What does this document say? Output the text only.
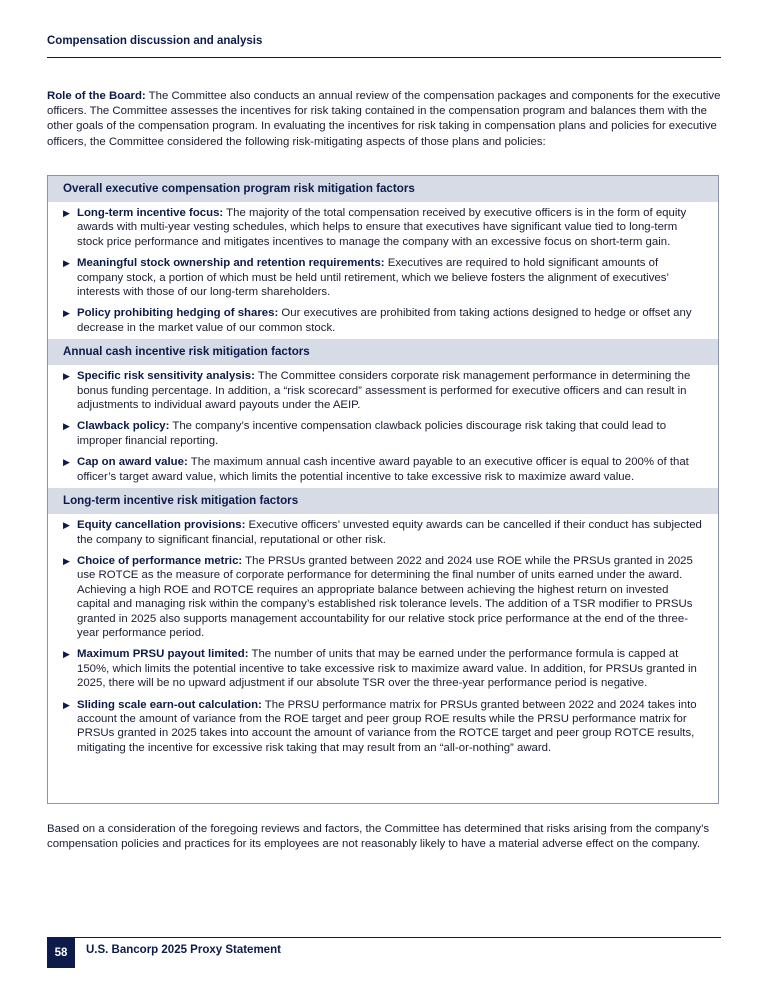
Compensation discussion and analysis

Role of the Board: The Committee also conducts an annual review of the compensation packages and components for the executive officers. The Committee assesses the incentives for risk taking contained in the compensation program and balances them with the other goals of the compensation program. In evaluating the incentives for risk taking in compensation plans and policies for executive officers, the Committee considered the following risk-mitigating aspects of those plans and policies:

Overall executive compensation program risk mitigation factors
▶ Long-term incentive focus: The majority of the total compensation received by executive officers is in the form of equity awards with multi-year vesting schedules, which helps to ensure that executives have significant value tied to long-term stock price performance and mitigates incentives to manage the company with an excessive focus on short-term gain.
▶ Meaningful stock ownership and retention requirements: Executives are required to hold significant amounts of company stock, a portion of which must be held until retirement, which we believe fosters the alignment of executives’ interests with those of our long-term shareholders.
▶ Policy prohibiting hedging of shares: Our executives are prohibited from taking actions designed to hedge or offset any decrease in the market value of our common stock.
Annual cash incentive risk mitigation factors
▶ Specific risk sensitivity analysis: The Committee considers corporate risk management performance in determining the bonus funding percentage. In addition, a “risk scorecard” assessment is performed for executive officers and can result in adjustments to individual award payouts under the AEIP.
▶ Clawback policy: The company’s incentive compensation clawback policies discourage risk taking that could lead to improper financial reporting.
▶ Cap on award value: The maximum annual cash incentive award payable to an executive officer is equal to 200% of that officer’s target award value, which limits the potential incentive to take excessive risk to maximize award value.
Long-term incentive risk mitigation factors
▶ Equity cancellation provisions: Executive officers’ unvested equity awards can be cancelled if their conduct has subjected the company to significant financial, reputational or other risk.
▶ Choice of performance metric: The PRSUs granted between 2022 and 2024 use ROE while the PRSUs granted in 2025 use ROTCE as the measure of corporate performance for determining the final number of units earned under the award. Achieving a high ROE and ROTCE requires an appropriate balance between achieving the highest return on invested capital and managing risk within the company’s established risk tolerance levels. The addition of a TSR modifier to PRSUs granted in 2025 also supports management accountability for our relative stock price performance at the end of the three-year performance period.
▶ Maximum PRSU payout limited: The number of units that may be earned under the performance formula is capped at 150%, which limits the potential incentive to take excessive risk to maximize award value. In addition, for PRSUs granted in 2025, there will be no upward adjustment if our absolute TSR over the three-year performance period is negative.
▶ Sliding scale earn-out calculation: The PRSU performance matrix for PRSUs granted between 2022 and 2024 takes into account the amount of variance from the ROE target and peer group ROE results while the PRSU performance matrix for PRSUs granted in 2025 takes into account the amount of variance from the ROTCE target and peer group ROTCE results, mitigating the incentive for excessive risk taking that may result from an “all-or-nothing” award.

Based on a consideration of the foregoing reviews and factors, the Committee has determined that risks arising from the company’s compensation policies and practices for its employees are not reasonably likely to have a material adverse effect on the company.

58	U.S. Bancorp 2025 Proxy Statement
